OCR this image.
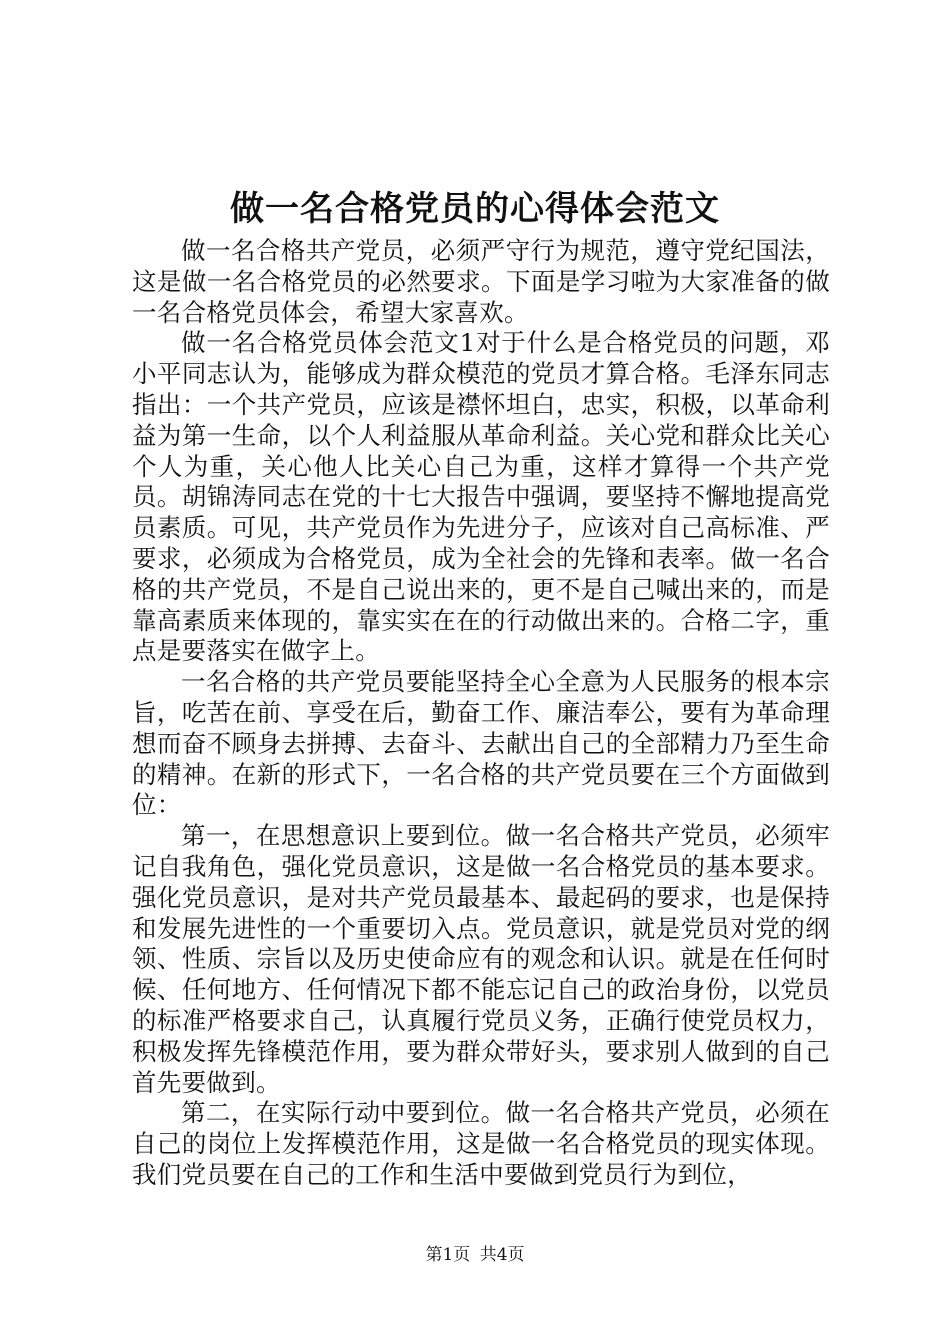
做一名合格党员的心得体会范文

做一名合格共产党员，必须严守行为规范，遵守党纪国法，这是做一名合格党员的必然要求。下面是学习啦为大家准备的做一名合格党员体会，希望大家喜欢。

做一名合格党员体会范文1对于什么是合格党员的问题，邓小平同志认为，能够成为群众模范的党员才算合格。毛泽东同志指出：一个共产党员，应该是襟怀坦白，忠实，积极，以革命利益为第一生命，以个人利益服从革命利益。关心党和群众比关心个人为重，关心他人比关心自己为重，这样才算得一个共产党员。胡锦涛同志在党的十七大报告中强调，要坚持不懈地提高党员素质。可见，共产党员作为先进分子，应该对自己高标准、严要求，必须成为合格党员，成为全社会的先锋和表率。做一名合格的共产党员，不是自己说出来的，更不是自己喊出来的，而是靠高素质来体现的，靠实实在在的行动做出来的。合格二字，重点是要落实在做字上。

一名合格的共产党员要能坚持全心全意为人民服务的根本宗旨，吃苦在前、享受在后，勤奋工作、廉洁奉公，要有为革命理想而奋不顾身去拼搏、去奋斗、去献出自己的全部精力乃至生命的精神。在新的形式下，一名合格的共产党员要在三个方面做到位：

第一，在思想意识上要到位。做一名合格共产党员，必须牢记自我角色，强化党员意识，这是做一名合格党员的基本要求。强化党员意识，是对共产党员最基本、最起码的要求，也是保持和发展先进性的一个重要切入点。党员意识，就是党员对党的纲领、性质、宗旨以及历史使命应有的观念和认识。就是在任何时候、任何地方、任何情况下都不能忘记自己的政治身份，以党员的标准严格要求自己，认真履行党员义务，正确行使党员权力，积极发挥先锋模范作用，要为群众带好头，要求别人做到的自己首先要做到。

第二，在实际行动中要到位。做一名合格共产党员，必须在自己的岗位上发挥模范作用，这是做一名合格党员的现实体现。我们党员要在自己的工作和生活中要做到党员行为到位，

第1页 共4页
